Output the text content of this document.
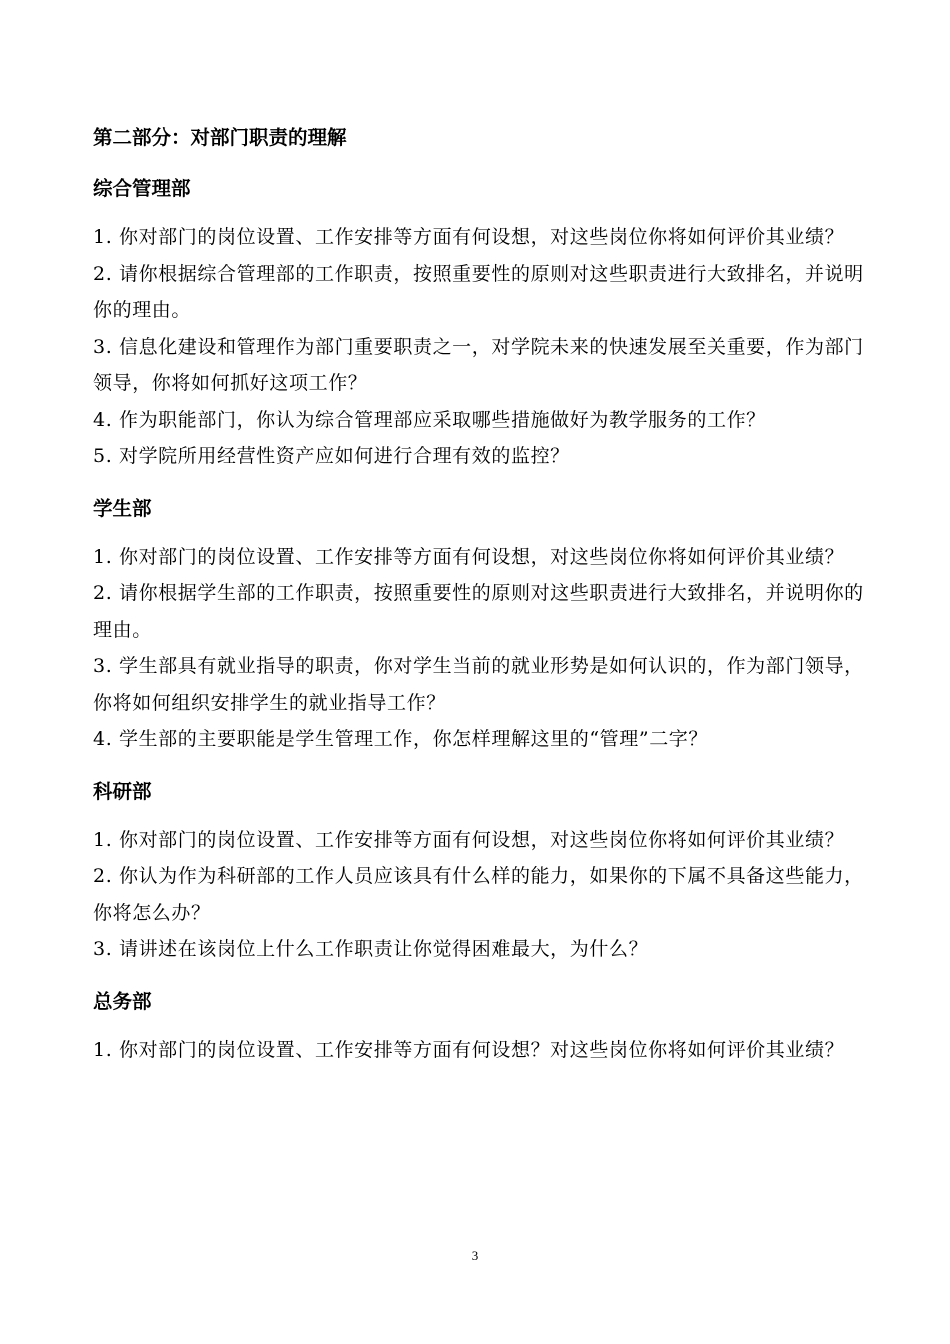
第二部分：对部门职责的理解
综合管理部
1. 你对部门的岗位设置、工作安排等方面有何设想，对这些岗位你将如何评价其业绩？
2. 请你根据综合管理部的工作职责，按照重要性的原则对这些职责进行大致排名，并说明你的理由。
3. 信息化建设和管理作为部门重要职责之一，对学院未来的快速发展至关重要，作为部门领导，你将如何抓好这项工作？
4. 作为职能部门，你认为综合管理部应采取哪些措施做好为教学服务的工作？
5. 对学院所用经营性资产应如何进行合理有效的监控？
学生部
1. 你对部门的岗位设置、工作安排等方面有何设想，对这些岗位你将如何评价其业绩？
2. 请你根据学生部的工作职责，按照重要性的原则对这些职责进行大致排名，并说明你的理由。
3. 学生部具有就业指导的职责，你对学生当前的就业形势是如何认识的，作为部门领导，你将如何组织安排学生的就业指导工作？
4. 学生部的主要职能是学生管理工作，你怎样理解这里的“管理”二字？
科研部
1. 你对部门的岗位设置、工作安排等方面有何设想，对这些岗位你将如何评价其业绩？
2. 你认为作为科研部的工作人员应该具有什么样的能力，如果你的下属不具备这些能力，你将怎么办？
3. 请讲述在该岗位上什么工作职责让你觉得困难最大，为什么？
总务部
1. 你对部门的岗位设置、工作安排等方面有何设想？对这些岗位你将如何评价其业绩？
3
